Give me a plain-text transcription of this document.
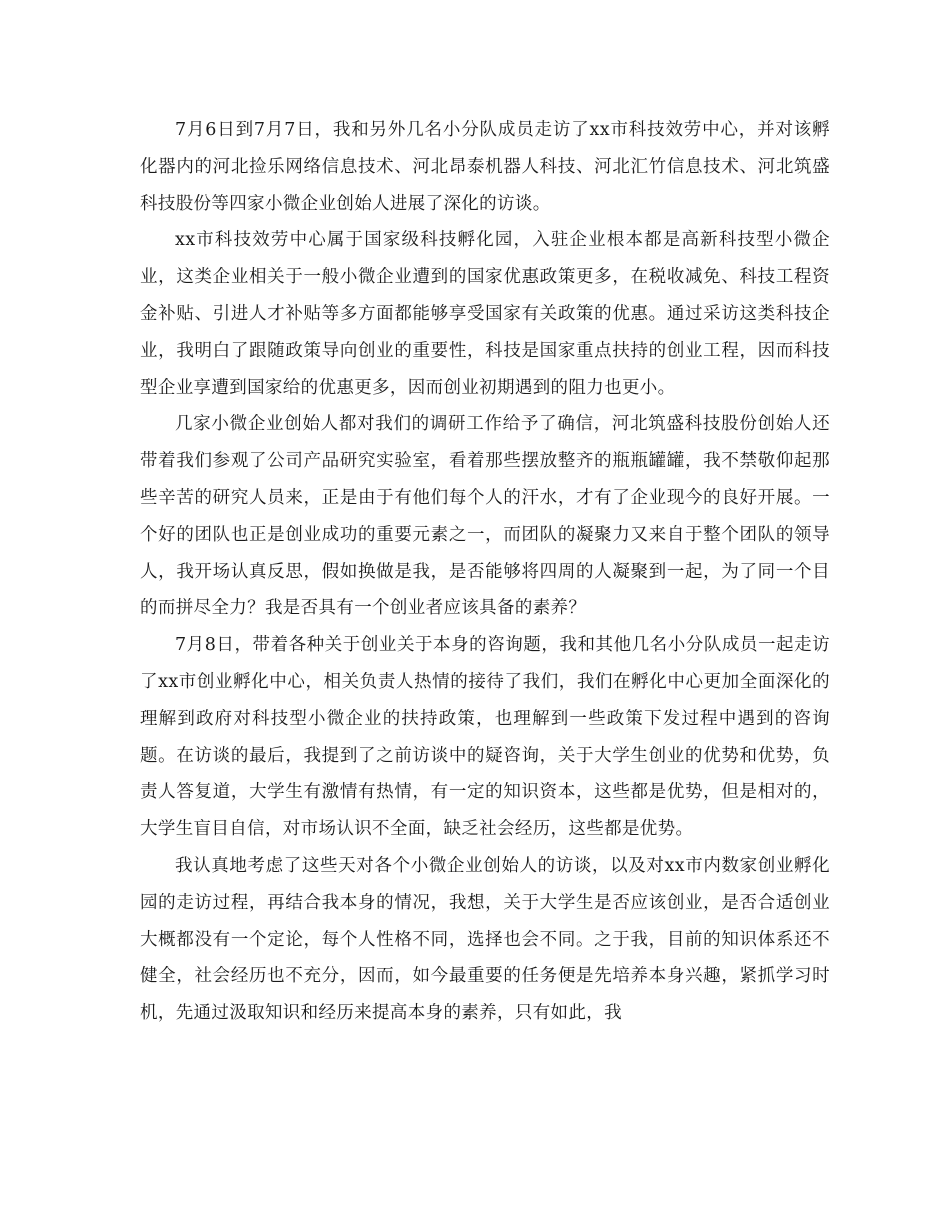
7月6日到7月7日，我和另外几名小分队成员走访了xx市科技效劳中心，并对该孵化器内的河北捡乐网络信息技术、河北昂泰机器人科技、河北汇竹信息技术、河北筑盛科技股份等四家小微企业创始人进展了深化的访谈。

xx市科技效劳中心属于国家级科技孵化园，入驻企业根本都是高新科技型小微企业，这类企业相关于一般小微企业遭到的国家优惠政策更多，在税收减免、科技工程资金补贴、引进人才补贴等多方面都能够享受国家有关政策的优惠。通过采访这类科技企业，我明白了跟随政策导向创业的重要性，科技是国家重点扶持的创业工程，因而科技型企业享遭到国家给的优惠更多，因而创业初期遇到的阻力也更小。

几家小微企业创始人都对我们的调研工作给予了确信，河北筑盛科技股份创始人还带着我们参观了公司产品研究实验室，看着那些摆放整齐的瓶瓶罐罐，我不禁敬仰起那些辛苦的研究人员来，正是由于有他们每个人的汗水，才有了企业现今的良好开展。一个好的团队也正是创业成功的重要元素之一，而团队的凝聚力又来自于整个团队的领导人，我开场认真反思，假如换做是我，是否能够将四周的人凝聚到一起，为了同一个目的而拼尽全力？我是否具有一个创业者应该具备的素养？

7月8日，带着各种关于创业关于本身的咨询题，我和其他几名小分队成员一起走访了xx市创业孵化中心，相关负责人热情的接待了我们，我们在孵化中心更加全面深化的理解到政府对科技型小微企业的扶持政策，也理解到一些政策下发过程中遇到的咨询题。在访谈的最后，我提到了之前访谈中的疑咨询，关于大学生创业的优势和优势，负责人答复道，大学生有激情有热情，有一定的知识资本，这些都是优势，但是相对的，大学生盲目自信，对市场认识不全面，缺乏社会经历，这些都是优势。

我认真地考虑了这些天对各个小微企业创始人的访谈，以及对xx市内数家创业孵化园的走访过程，再结合我本身的情况，我想，关于大学生是否应该创业，是否合适创业大概都没有一个定论，每个人性格不同，选择也会不同。之于我，目前的知识体系还不健全，社会经历也不充分，因而，如今最重要的任务便是先培养本身兴趣，紧抓学习时机，先通过汲取知识和经历来提高本身的素养，只有如此，我
